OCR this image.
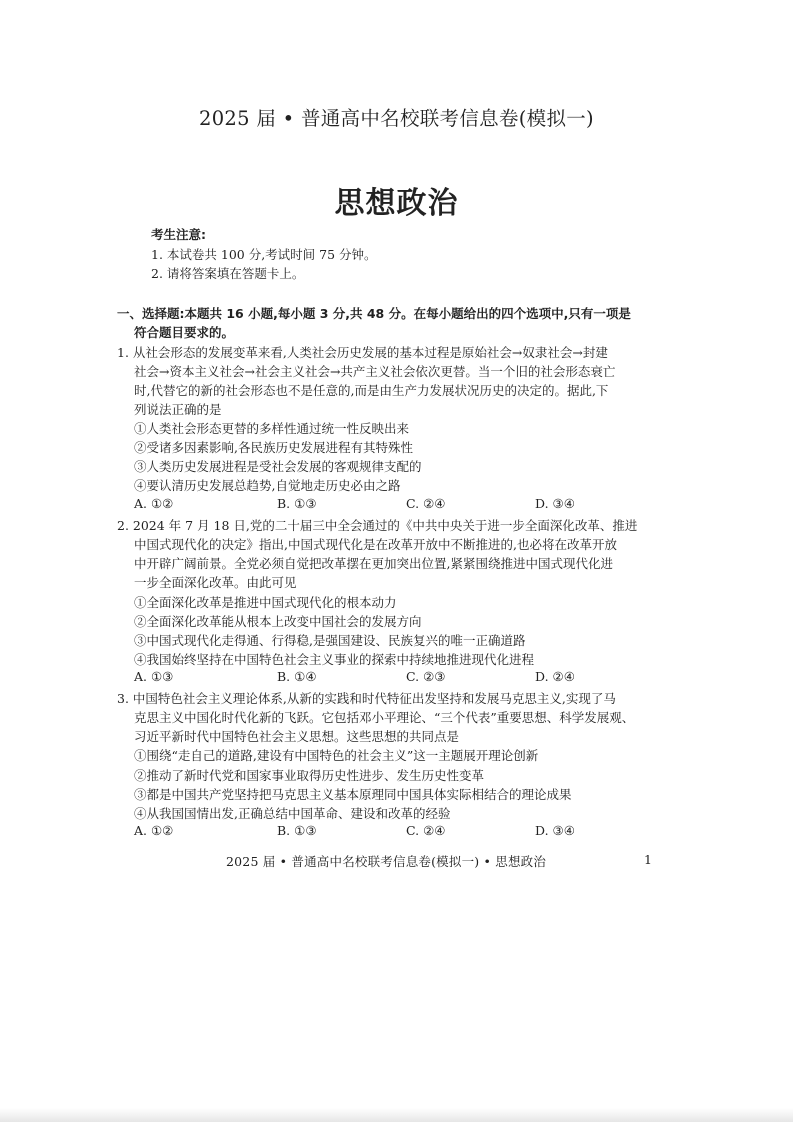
2025 届 • 普通高中名校联考信息卷(模拟一)
思想政治
考生注意:
1. 本试卷共 100 分,考试时间 75 分钟。
2. 请将答案填在答题卡上。
一、选择题:本题共 16 小题,每小题 3 分,共 48 分。在每小题给出的四个选项中,只有一项是
符合题目要求的。
1. 从社会形态的发展变革来看,人类社会历史发展的基本过程是原始社会→奴隶社会→封建
社会→资本主义社会→社会主义社会→共产主义社会依次更替。当一个旧的社会形态衰亡
时,代替它的新的社会形态也不是任意的,而是由生产力发展状况历史的决定的。据此,下
列说法正确的是
①人类社会形态更替的多样性通过统一性反映出来
②受诸多因素影响,各民族历史发展进程有其特殊性
③人类历史发展进程是受社会发展的客观规律支配的
④要认清历史发展总趋势,自觉地走历史必由之路
A. ①②	B. ①③	C. ②④	D. ③④
2. 2024 年 7 月 18 日,党的二十届三中全会通过的《中共中央关于进一步全面深化改革、推进
中国式现代化的决定》指出,中国式现代化是在改革开放中不断推进的,也必将在改革开放
中开辟广阔前景。全党必须自觉把改革摆在更加突出位置,紧紧围绕推进中国式现代化进
一步全面深化改革。由此可见
①全面深化改革是推进中国式现代化的根本动力
②全面深化改革能从根本上改变中国社会的发展方向
③中国式现代化走得通、行得稳,是强国建设、民族复兴的唯一正确道路
④我国始终坚持在中国特色社会主义事业的探索中持续地推进现代化进程
A. ①③	B. ①④	C. ②③	D. ②④
3. 中国特色社会主义理论体系,从新的实践和时代特征出发坚持和发展马克思主义,实现了马
克思主义中国化时代化新的飞跃。它包括邓小平理论、“三个代表”重要思想、科学发展观、
习近平新时代中国特色社会主义思想。这些思想的共同点是
①围绕“走自己的道路,建设有中国特色的社会主义”这一主题展开理论创新
②推动了新时代党和国家事业取得历史性进步、发生历史性变革
③都是中国共产党坚持把马克思主义基本原理同中国具体实际相结合的理论成果
④从我国国情出发,正确总结中国革命、建设和改革的经验
A. ①②	B. ①③	C. ②④	D. ③④
2025 届 • 普通高中名校联考信息卷(模拟一) • 思想政治	1
